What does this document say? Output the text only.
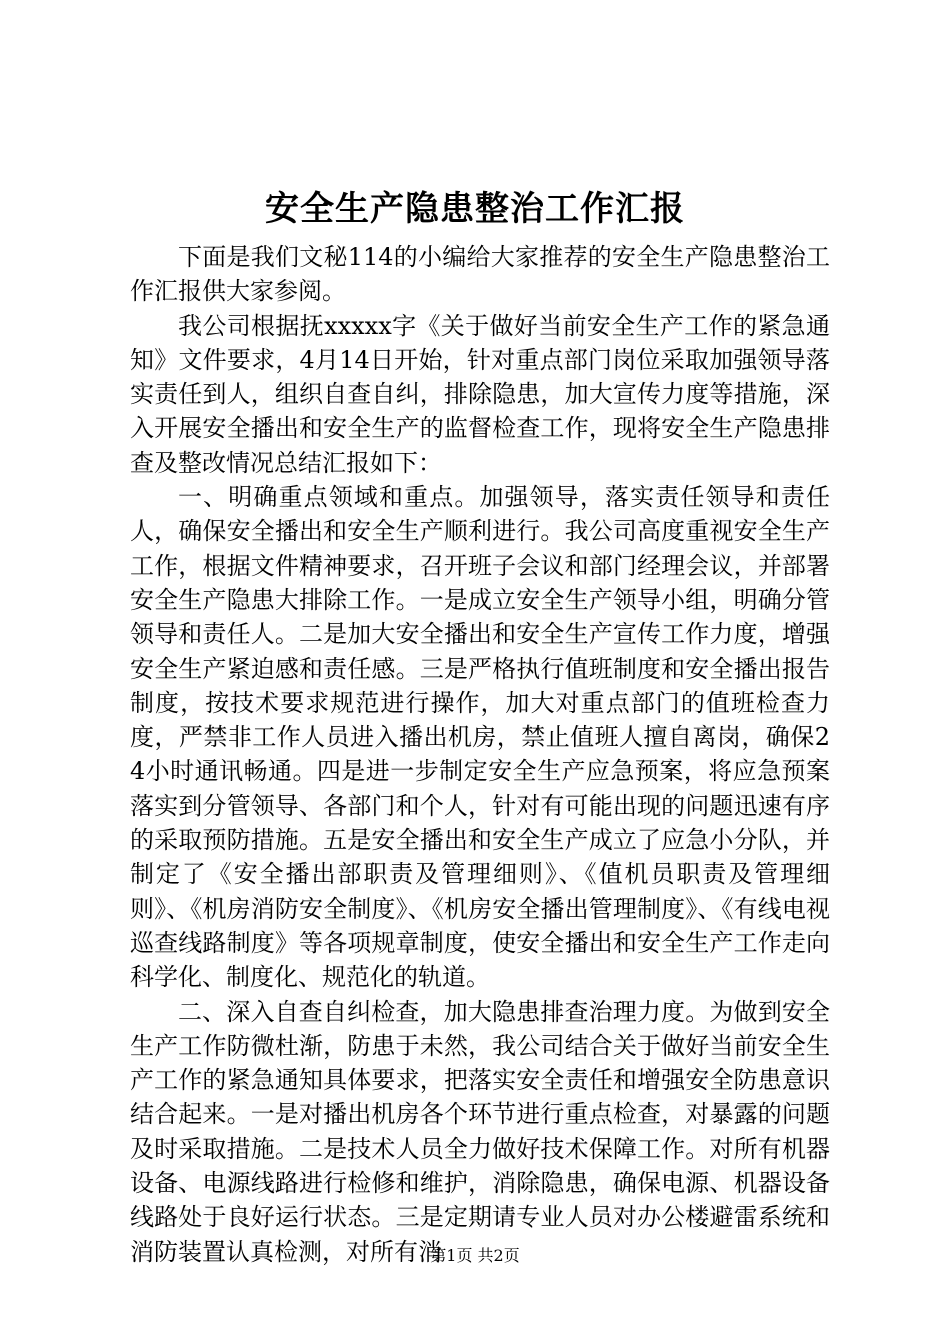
安全生产隐患整治工作汇报

下面是我们文秘114的小编给大家推荐的安全生产隐患整治工作汇报供大家参阅。

我公司根据抚xxxxx字《关于做好当前安全生产工作的紧急通知》文件要求，4月14日开始，针对重点部门岗位采取加强领导落实责任到人，组织自查自纠，排除隐患，加大宣传力度等措施，深入开展安全播出和安全生产的监督检查工作，现将安全生产隐患排查及整改情况总结汇报如下：

一、明确重点领域和重点。加强领导，落实责任领导和责任人，确保安全播出和安全生产顺利进行。我公司高度重视安全生产工作，根据文件精神要求，召开班子会议和部门经理会议，并部署安全生产隐患大排除工作。一是成立安全生产领导小组，明确分管领导和责任人。二是加大安全播出和安全生产宣传工作力度，增强安全生产紧迫感和责任感。三是严格执行值班制度和安全播出报告制度，按技术要求规范进行操作，加大对重点部门的值班检查力度，严禁非工作人员进入播出机房，禁止值班人擅自离岗，确保24小时通讯畅通。四是进一步制定安全生产应急预案，将应急预案落实到分管领导、各部门和个人，针对有可能出现的问题迅速有序的采取预防措施。五是安全播出和安全生产成立了应急小分队，并制定了《安全播出部职责及管理细则》、《值机员职责及管理细则》、《机房消防安全制度》、《机房安全播出管理制度》、《有线电视巡查线路制度》等各项规章制度，使安全播出和安全生产工作走向科学化、制度化、规范化的轨道。

二、深入自查自纠检查，加大隐患排查治理力度。为做到安全生产工作防微杜渐，防患于未然，我公司结合关于做好当前安全生产工作的紧急通知具体要求，把落实安全责任和增强安全防患意识结合起来。一是对播出机房各个环节进行重点检查，对暴露的问题及时采取措施。二是技术人员全力做好技术保障工作。对所有机器设备、电源线路进行检修和维护，消除隐患，确保电源、机器设备线路处于良好运行状态。三是定期请专业人员对办公楼避雷系统和消防装置认真检测，对所有消

第1页 共2页
